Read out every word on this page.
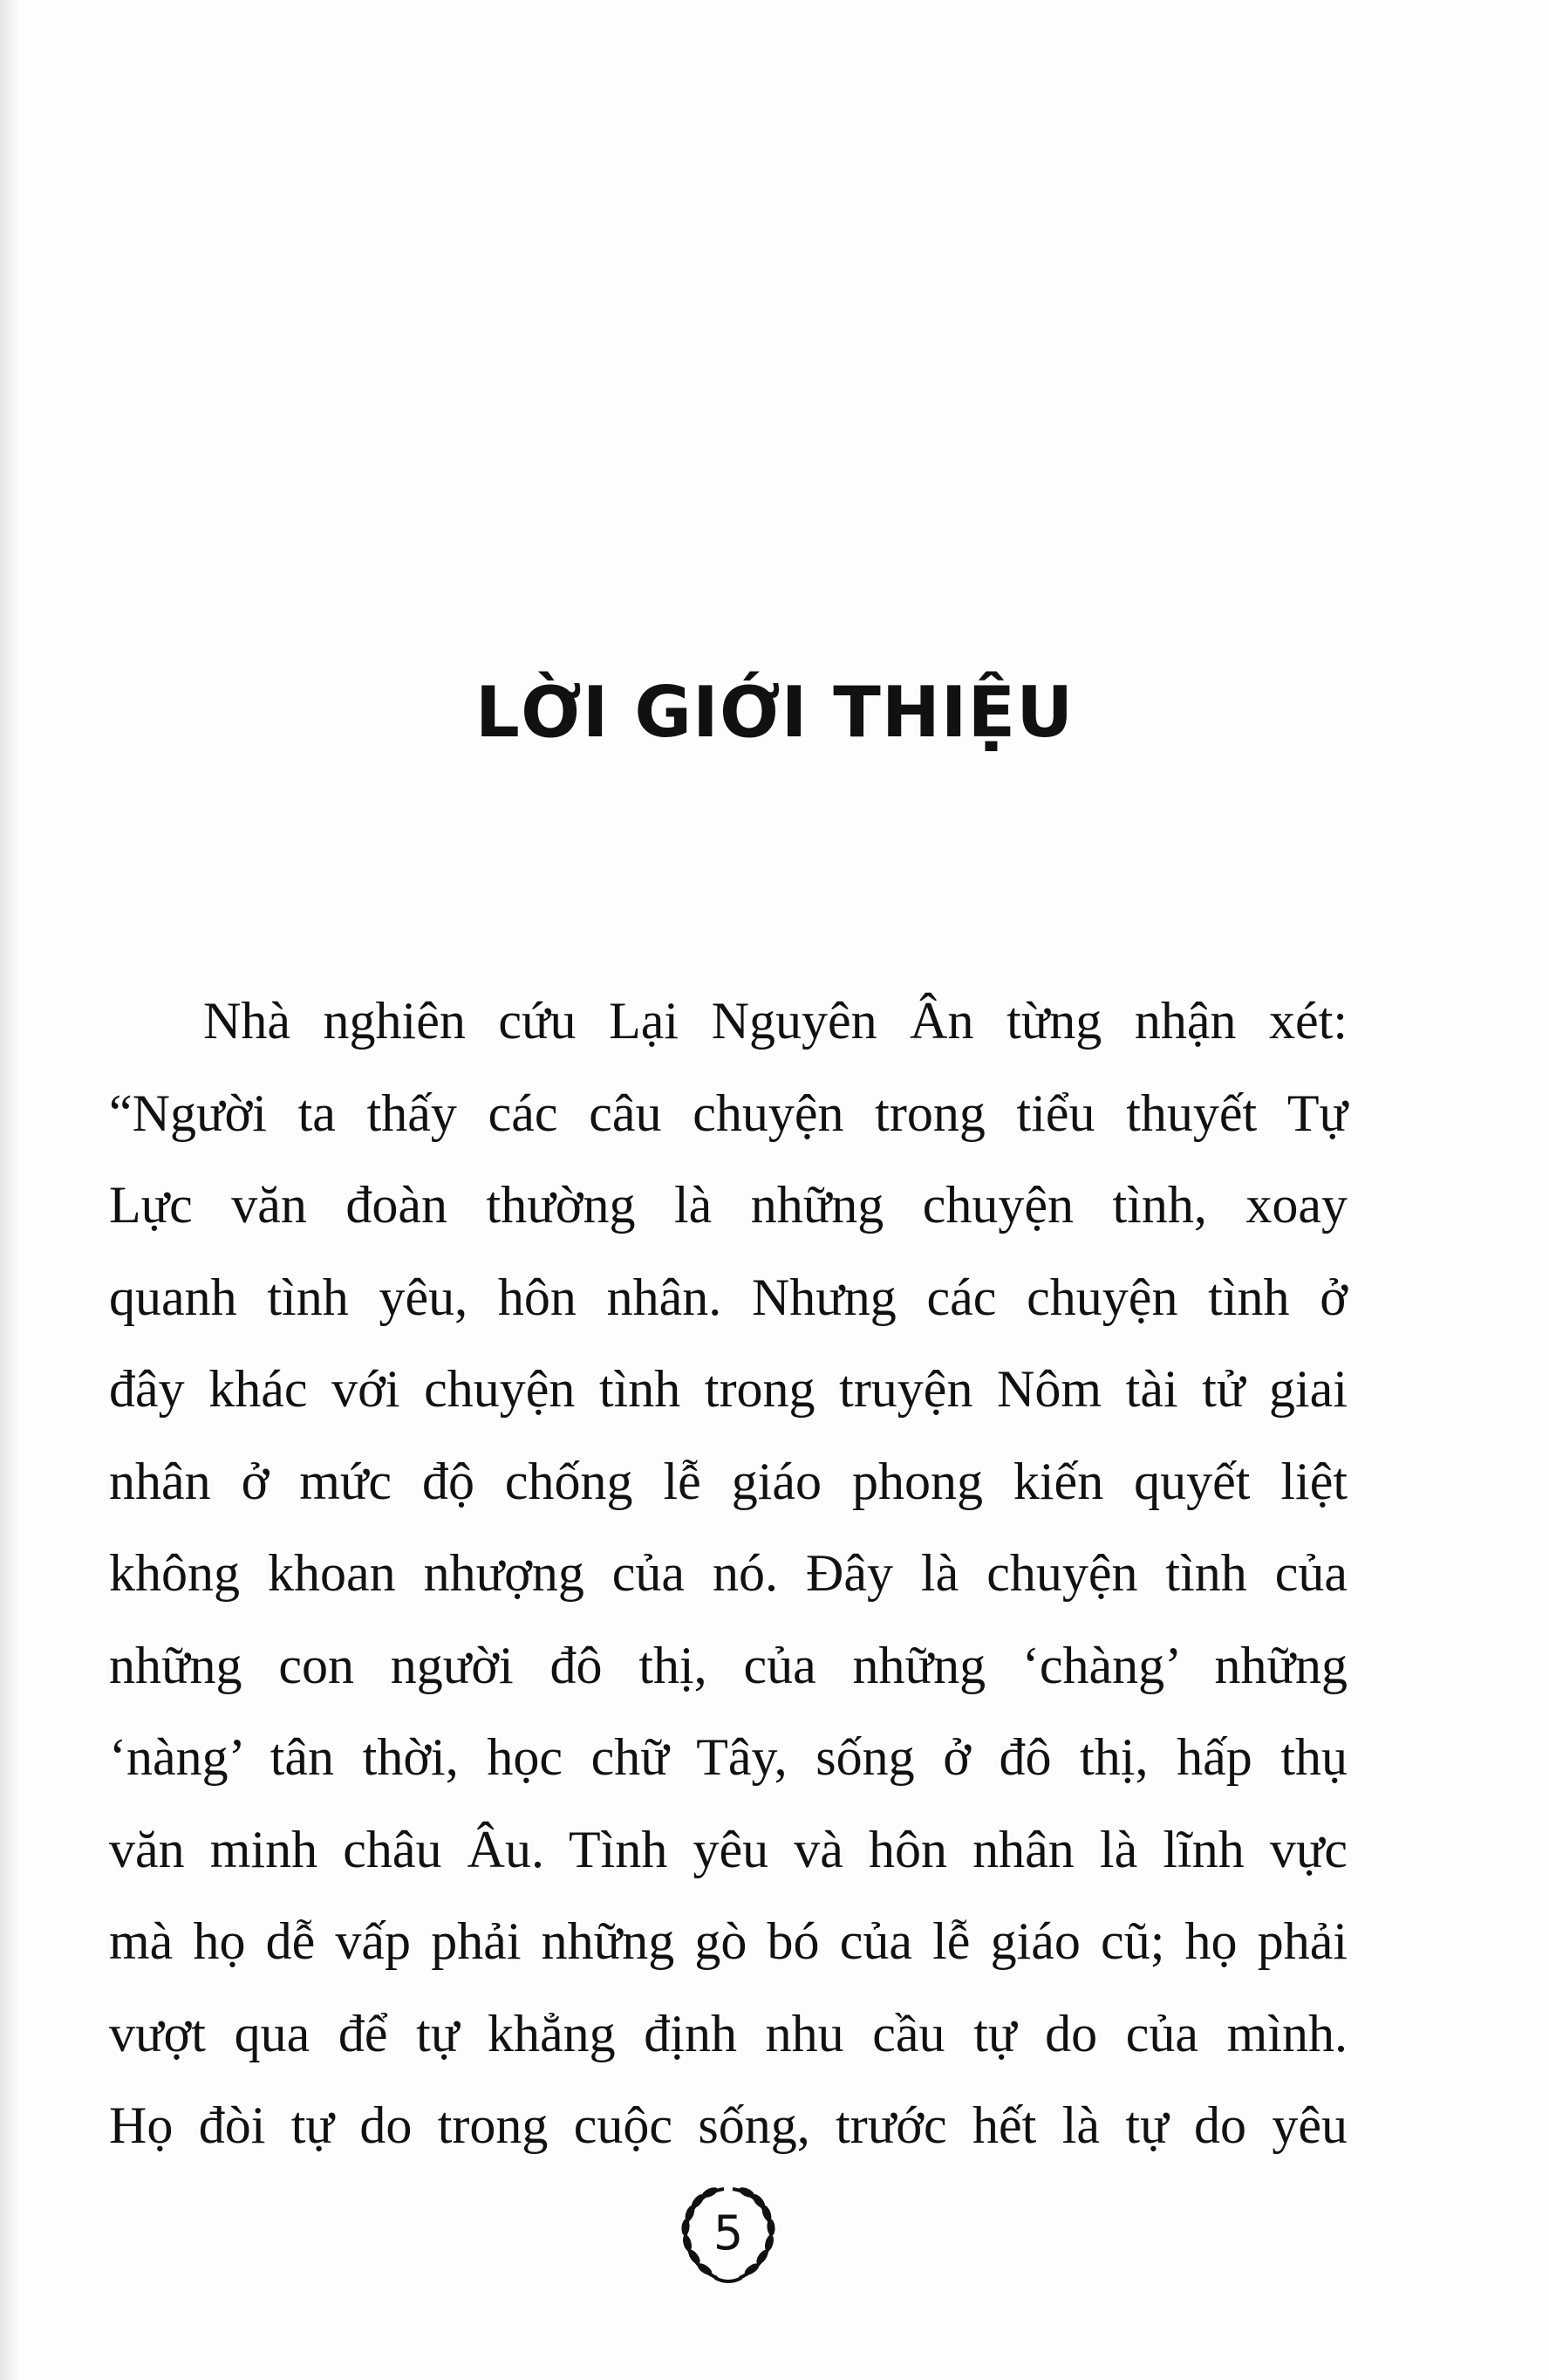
LỜI GIỚI THIỆU
Nhà nghiên cứu Lại Nguyên Ân từng nhận xét:
“Người ta thấy các câu chuyện trong tiểu thuyết Tự
Lực văn đoàn thường là những chuyện tình, xoay
quanh tình yêu, hôn nhân. Nhưng các chuyện tình ở
đây khác với chuyện tình trong truyện Nôm tài tử giai
nhân ở mức độ chống lễ giáo phong kiến quyết liệt
không khoan nhượng của nó. Đây là chuyện tình của
những con người đô thị, của những ‘chàng’ những
‘nàng’ tân thời, học chữ Tây, sống ở đô thị, hấp thụ
văn minh châu Âu. Tình yêu và hôn nhân là lĩnh vực
mà họ dễ vấp phải những gò bó của lễ giáo cũ; họ phải
vượt qua để tự khẳng định nhu cầu tự do của mình.
Họ đòi tự do trong cuộc sống, trước hết là tự do yêu
5
